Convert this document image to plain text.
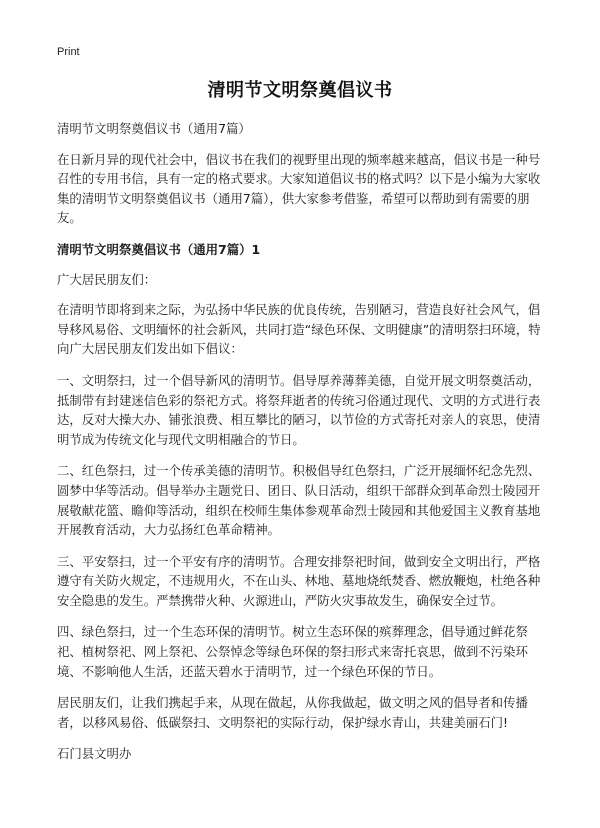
Print
清明节文明祭奠倡议书

清明节文明祭奠倡议书（通用7篇）

在日新月异的现代社会中，倡议书在我们的视野里出现的频率越来越高，倡议书是一种号召性的专用书信，具有一定的格式要求。大家知道倡议书的格式吗？以下是小编为大家收集的清明节文明祭奠倡议书（通用7篇），供大家参考借鉴，希望可以帮助到有需要的朋友。

清明节文明祭奠倡议书（通用7篇）1

广大居民朋友们：

在清明节即将到来之际，为弘扬中华民族的优良传统，告别陋习，营造良好社会风气，倡导移风易俗、文明缅怀的社会新风，共同打造“绿色环保、文明健康”的清明祭扫环境，特向广大居民朋友们发出如下倡议：

一、文明祭扫，过一个倡导新风的清明节。倡导厚养薄葬美德，自觉开展文明祭奠活动，抵制带有封建迷信色彩的祭祀方式。将祭拜逝者的传统习俗通过现代、文明的方式进行表达，反对大操大办、铺张浪费、相互攀比的陋习，以节俭的方式寄托对亲人的哀思，使清明节成为传统文化与现代文明相融合的节日。

二、红色祭扫，过一个传承美德的清明节。积极倡导红色祭扫，广泛开展缅怀纪念先烈、圆梦中华等活动。倡导举办主题党日、团日、队日活动，组织干部群众到革命烈士陵园开展敬献花篮、瞻仰等活动，组织在校师生集体参观革命烈士陵园和其他爱国主义教育基地开展教育活动，大力弘扬红色革命精神。

三、平安祭扫，过一个平安有序的清明节。合理安排祭祀时间，做到安全文明出行，严格遵守有关防火规定，不违规用火，不在山头、林地、墓地烧纸焚香、燃放鞭炮，杜绝各种安全隐患的发生。严禁携带火种、火源进山，严防火灾事故发生，确保安全过节。

四、绿色祭扫，过一个生态环保的清明节。树立生态环保的殡葬理念，倡导通过鲜花祭祀、植树祭祀、网上祭祀、公祭悼念等绿色环保的祭扫形式来寄托哀思，做到不污染环境、不影响他人生活，还蓝天碧水于清明节，过一个绿色环保的节日。

居民朋友们，让我们携起手来，从现在做起，从你我做起，做文明之风的倡导者和传播者，以移风易俗、低碳祭扫、文明祭祀的实际行动，保护绿水青山，共建美丽石门!

石门县文明办
